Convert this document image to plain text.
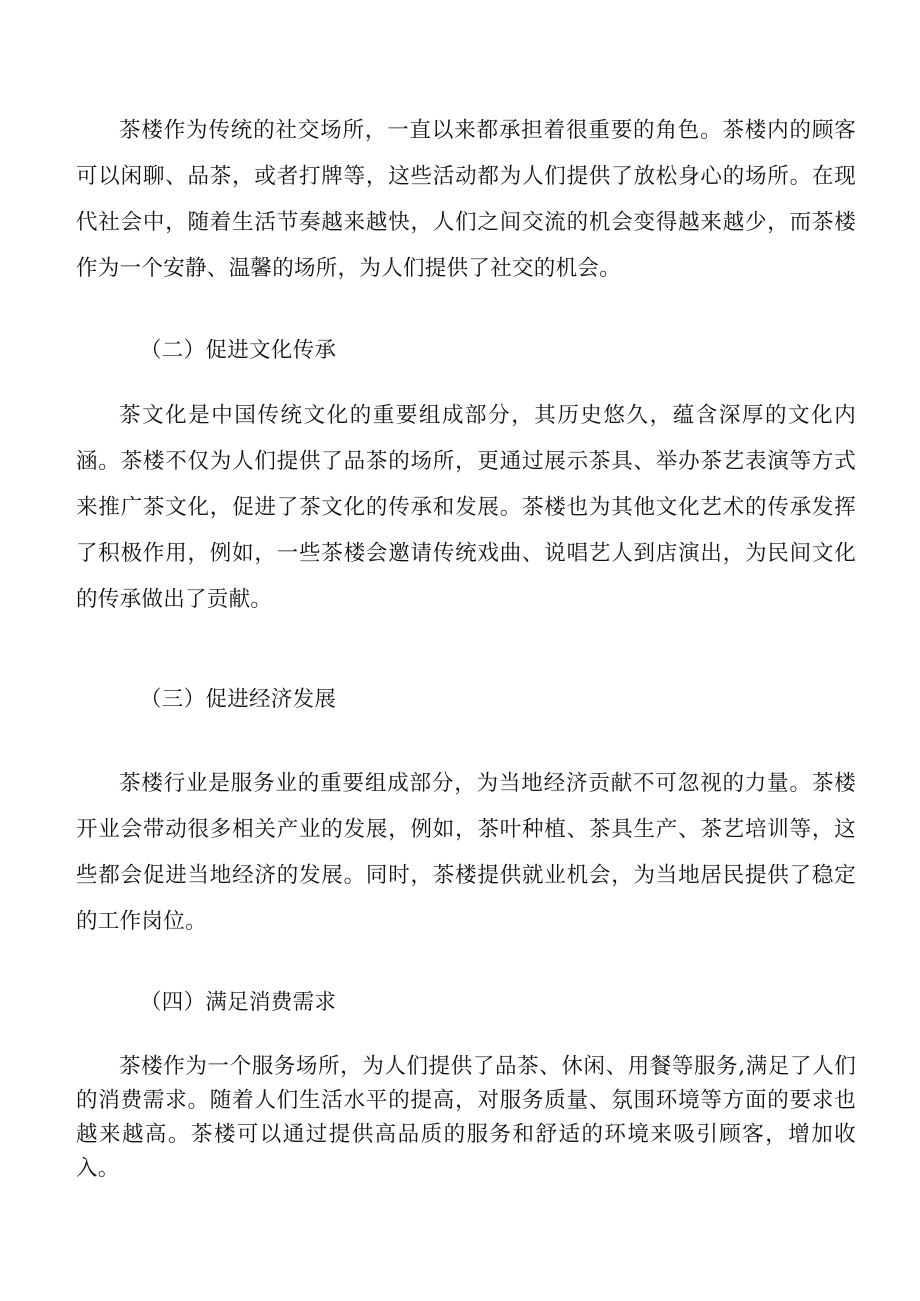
茶楼作为传统的社交场所，一直以来都承担着很重要的角色。茶楼内的顾客可以闲聊、品茶，或者打牌等，这些活动都为人们提供了放松身心的场所。在现代社会中，随着生活节奏越来越快，人们之间交流的机会变得越来越少，而茶楼作为一个安静、温馨的场所，为人们提供了社交的机会。

（二）促进文化传承

茶文化是中国传统文化的重要组成部分，其历史悠久，蕴含深厚的文化内涵。茶楼不仅为人们提供了品茶的场所，更通过展示茶具、举办茶艺表演等方式来推广茶文化，促进了茶文化的传承和发展。茶楼也为其他文化艺术的传承发挥了积极作用，例如，一些茶楼会邀请传统戏曲、说唱艺人到店演出，为民间文化的传承做出了贡献。

（三）促进经济发展

茶楼行业是服务业的重要组成部分，为当地经济贡献不可忽视的力量。茶楼开业会带动很多相关产业的发展，例如，茶叶种植、茶具生产、茶艺培训等，这些都会促进当地经济的发展。同时，茶楼提供就业机会，为当地居民提供了稳定的工作岗位。

（四）满足消费需求

茶楼作为一个服务场所，为人们提供了品茶、休闲、用餐等服务,满足了人们的消费需求。随着人们生活水平的提高，对服务质量、氛围环境等方面的要求也越来越高。茶楼可以通过提供高品质的服务和舒适的环境来吸引顾客，增加收入。
